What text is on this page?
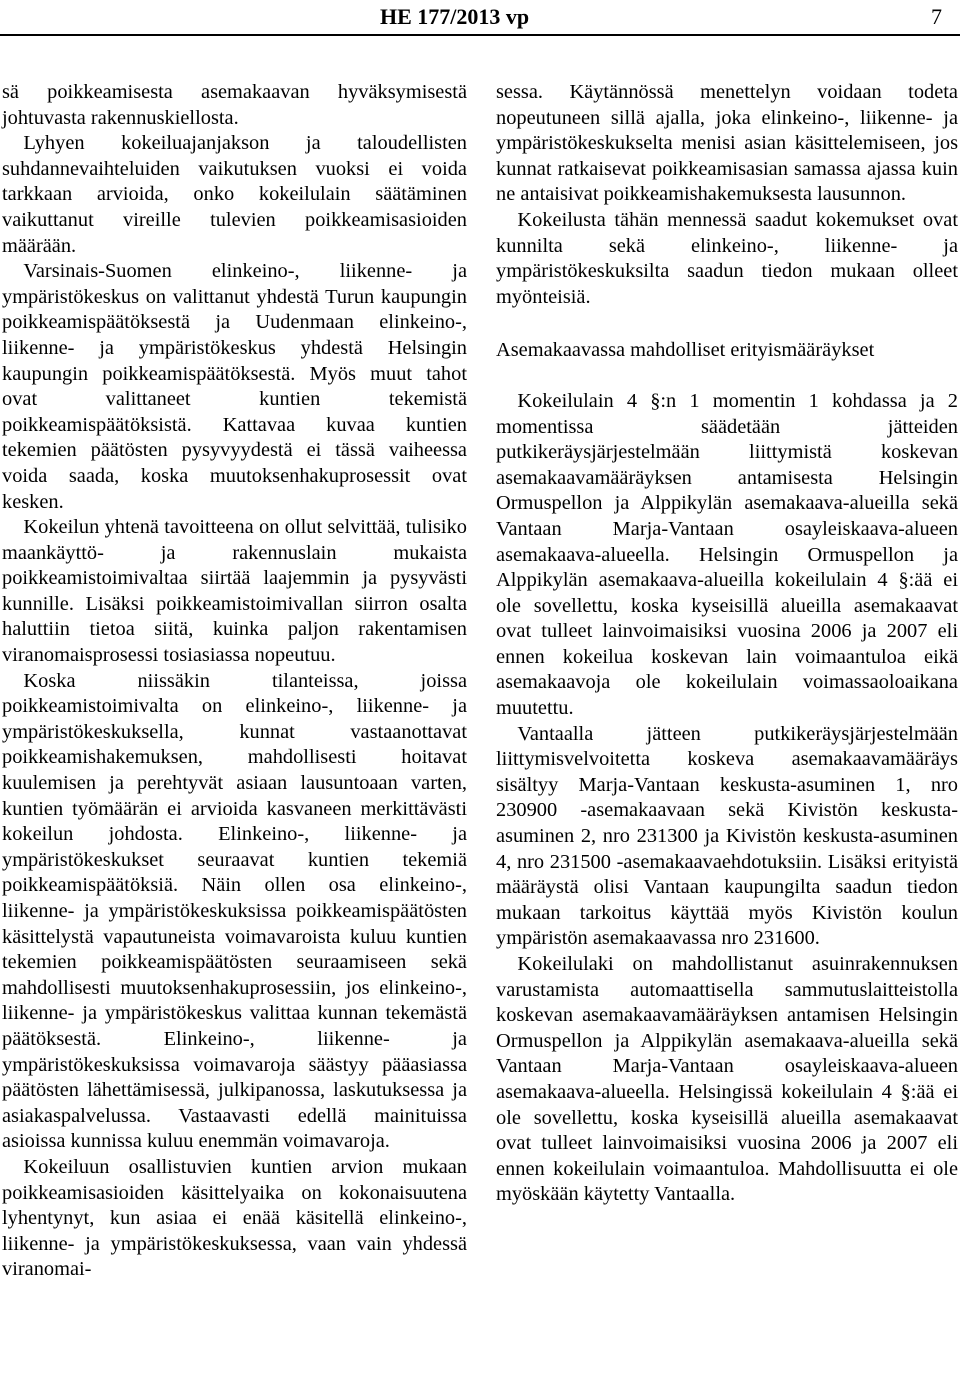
HE 177/2013 vp	7

sä poikkeamisesta asemakaavan hyväksymisestä johtuvasta rakennuskiellosta.

Lyhyen kokeiluajanjakson ja taloudellisten suhdannevaihteluiden vaikutuksen vuoksi ei voida tarkkaan arvioida, onko kokeilulain säätäminen vaikuttanut vireille tulevien poikkeamisasioiden määrään.

Varsinais-Suomen elinkeino-, liikenne- ja ympäristökeskus on valittanut yhdestä Turun kaupungin poikkeamispäätöksestä ja Uudenmaan elinkeino-, liikenne- ja ympäristökeskus yhdestä Helsingin kaupungin poikkeamispäätöksestä. Myös muut tahot ovat valittaneet kuntien tekemistä poikkeamispäätöksistä. Kattavaa kuvaa kuntien tekemien päätösten pysyvyydestä ei tässä vaiheessa voida saada, koska muutoksenhakuprosessit ovat kesken.

Kokeilun yhtenä tavoitteena on ollut selvittää, tulisiko maankäyttö- ja rakennuslain mukaista poikkeamistoimivaltaa siirtää laajemmin ja pysyvästi kunnille. Lisäksi poikkeamistoimivallan siirron osalta haluttiin tietoa siitä, kuinka paljon rakentamisen viranomaisprosessi tosiasiassa nopeutuu.

Koska niissäkin tilanteissa, joissa poikkeamistoimivalta on elinkeino-, liikenne- ja ympäristökeskuksella, kunnat vastaanottavat poikkeamishakemuksen, mahdollisesti hoitavat kuulemisen ja perehtyvät asiaan lausuntoaan varten, kuntien työmäärän ei arvioida kasvaneen merkittävästi kokeilun johdosta. Elinkeino-, liikenne- ja ympäristökeskukset seuraavat kuntien tekemiä poikkeamispäätöksiä. Näin ollen osa elinkeino-, liikenne- ja ympäristökeskuksissa poikkeamispäätösten käsittelystä vapautuneista voimavaroista kuluu kuntien tekemien poikkeamispäätösten seuraamiseen sekä mahdollisesti muutoksenhakuprosessiin, jos elinkeino-, liikenne- ja ympäristökeskus valittaa kunnan tekemästä päätöksestä. Elinkeino-, liikenne- ja ympäristökeskuksissa voimavaroja säästyy pääasiassa päätösten lähettämisessä, julkipanossa, laskutuksessa ja asiakaspalvelussa. Vastaavasti edellä mainituissa asioissa kunnissa kuluu enemmän voimavaroja.

Kokeiluun osallistuvien kuntien arvion mukaan poikkeamisasioiden käsittelyaika on kokonaisuutena lyhentynyt, kun asiaa ei enää käsitellä elinkeino-, liikenne- ja ympäristökeskuksessa, vaan vain yhdessä viranomai-

sessa. Käytännössä menettelyn voidaan todeta nopeutuneen sillä ajalla, joka elinkeino-, liikenne- ja ympäristökeskukselta menisi asian käsittelemiseen, jos kunnat ratkaisevat poikkeamisasian samassa ajassa kuin ne antaisivat poikkeamishakemuksesta lausunnon.

Kokeilusta tähän mennessä saadut kokemukset ovat kunnilta sekä elinkeino-, liikenne- ja ympäristökeskuksilta saadun tiedon mukaan olleet myönteisiä.

Asemakaavassa mahdolliset erityismääräykset

Kokeilulain 4 §:n 1 momentin 1 kohdassa ja 2 momentissa säädetään jätteiden putkikeräysjärjestelmään liittymistä koskevan asemakaavamääräyksen antamisesta Helsingin Ormuspellon ja Alppikylän asemakaava-alueilla sekä Vantaan Marja-Vantaan osayleiskaava-alueen asemakaava-alueella. Helsingin Ormuspellon ja Alppikylän asemakaava-alueilla kokeilulain 4 §:ää ei ole sovellettu, koska kyseisillä alueilla asemakaavat ovat tulleet lainvoimaisiksi vuosina 2006 ja 2007 eli ennen kokeilua koskevan lain voimaantuloa eikä asemakaavoja ole kokeilulain voimassaoloaikana muutettu.

Vantaalla jätteen putkikeräysjärjestelmään liittymisvelvoitetta koskeva asemakaavamääräys sisältyy Marja-Vantaan keskusta-asuminen 1, nro 230900 -asemakaavaan sekä Kivistön keskusta-asuminen 2, nro 231300 ja Kivistön keskusta-asuminen 4, nro 231500 -asemakaavaehdotuksiin. Lisäksi erityistä määräystä olisi Vantaan kaupungilta saadun tiedon mukaan tarkoitus käyttää myös Kivistön koulun ympäristön asemakaavassa nro 231600.

Kokeilulaki on mahdollistanut asuinrakennuksen varustamista automaattisella sammutuslaitteistolla koskevan asemakaavamääräyksen antamisen Helsingin Ormuspellon ja Alppikylän asemakaava-alueilla sekä Vantaan Marja-Vantaan osayleiskaava-alueen asemakaava-alueella. Helsingissä kokeilulain 4 §:ää ei ole sovellettu, koska kyseisillä alueilla asemakaavat ovat tulleet lainvoimaisiksi vuosina 2006 ja 2007 eli ennen kokeilulain voimaantuloa. Mahdollisuutta ei ole myöskään käytetty Vantaalla.
